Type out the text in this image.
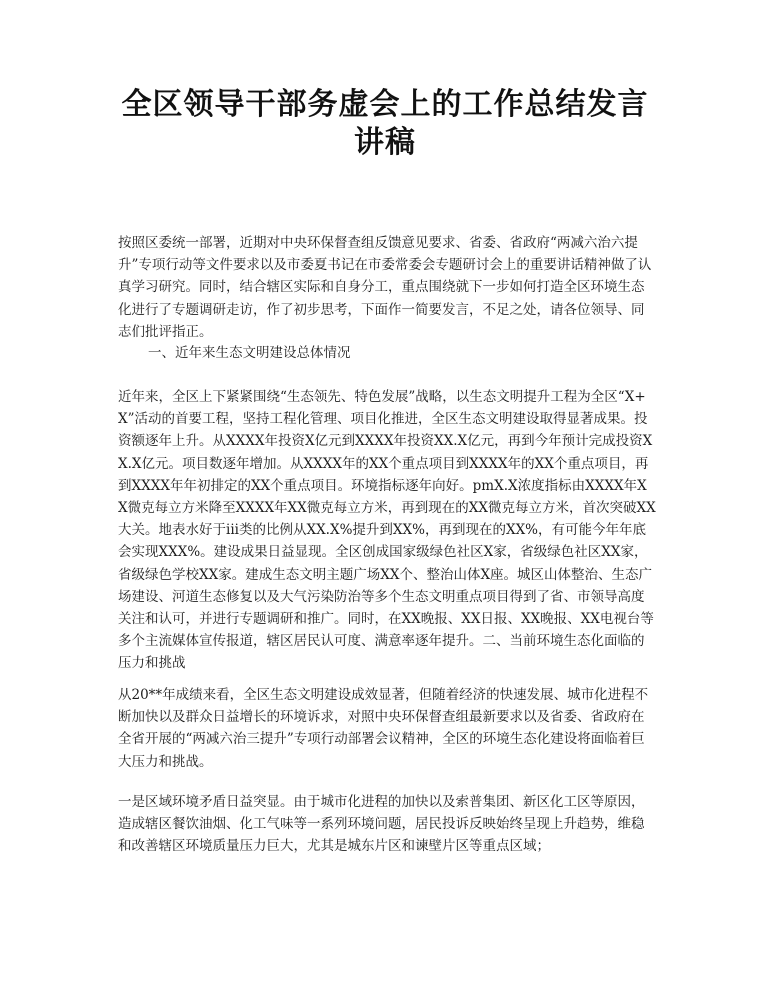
全区领导干部务虚会上的工作总结发言
讲稿

按照区委统一部署，近期对中央环保督查组反馈意见要求、省委、省政府“两减六治六提升”专项行动等文件要求以及市委夏书记在市委常委会专题研讨会上的重要讲话精神做了认真学习研究。同时，结合辖区实际和自身分工，重点围绕就下一步如何打造全区环境生态化进行了专题调研走访，作了初步思考，下面作一简要发言，不足之处，请各位领导、同志们批评指正。

一、近年来生态文明建设总体情况

近年来，全区上下紧紧围绕“生态领先、特色发展”战略，以生态文明提升工程为全区“X+X”活动的首要工程，坚持工程化管理、项目化推进，全区生态文明建设取得显著成果。投资额逐年上升。从XXXX年投资X亿元到XXXX年投资XX.X亿元，再到今年预计完成投资XX.X亿元。项目数逐年增加。从XXXX年的XX个重点项目到XXXX年的XX个重点项目，再到XXXX年年初排定的XX个重点项目。环境指标逐年向好。pmX.X浓度指标由XXXX年XX微克每立方米降至XXXX年XX微克每立方米，再到现在的XX微克每立方米，首次突破XX大关。地表水好于iii类的比例从XX.X%提升到XX%，再到现在的XX%，有可能今年年底会实现XXX%。建设成果日益显现。全区创成国家级绿色社区X家，省级绿色社区XX家，省级绿色学校XX家。建成生态文明主题广场XX个、整治山体X座。城区山体整治、生态广场建设、河道生态修复以及大气污染防治等多个生态文明重点项目得到了省、市领导高度关注和认可，并进行专题调研和推广。同时，在XX晚报、XX日报、XX晚报、XX电视台等多个主流媒体宣传报道，辖区居民认可度、满意率逐年提升。二、当前环境生态化面临的压力和挑战

从20**年成绩来看，全区生态文明建设成效显著，但随着经济的快速发展、城市化进程不断加快以及群众日益增长的环境诉求，对照中央环保督查组最新要求以及省委、省政府在全省开展的“两减六治三提升”专项行动部署会议精神，全区的环境生态化建设将面临着巨大压力和挑战。

一是区域环境矛盾日益突显。由于城市化进程的加快以及索普集团、新区化工区等原因，造成辖区餐饮油烟、化工气味等一系列环境问题，居民投诉反映始终呈现上升趋势，维稳和改善辖区环境质量压力巨大，尤其是城东片区和谏壁片区等重点区域；
